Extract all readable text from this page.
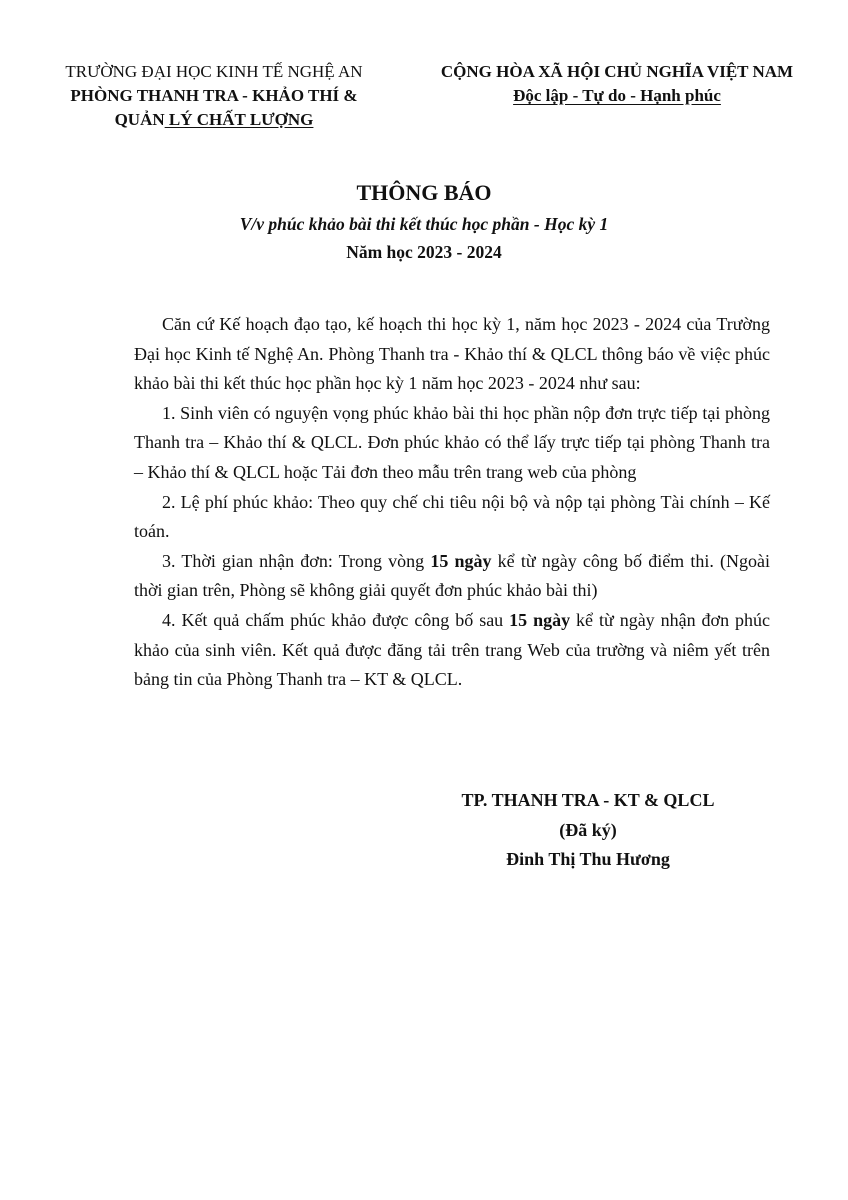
TRƯỜNG ĐẠI HỌC KINH TẾ NGHỆ AN
PHÒNG THANH TRA - KHẢO THÍ &
QUẢN LÝ CHẤT LƯỢNG
CỘNG HÒA XÃ HỘI CHỦ NGHĨA VIỆT NAM
Độc lập - Tự do - Hạnh phúc
THÔNG BÁO
V/v phúc khảo bài thi kết thúc học phần - Học kỳ 1
Năm học 2023 - 2024

Căn cứ Kế hoạch đạo tạo, kế hoạch thi học kỳ 1, năm học 2023 - 2024 của Trường Đại học Kinh tế Nghệ An. Phòng Thanh tra - Khảo thí & QLCL thông báo về việc phúc khảo bài thi kết thúc học phần học kỳ 1 năm học 2023 - 2024 như sau:

1. Sinh viên có nguyện vọng phúc khảo bài thi học phần nộp đơn trực tiếp tại phòng Thanh tra – Khảo thí & QLCL. Đơn phúc khảo có thể lấy trực tiếp tại phòng Thanh tra – Khảo thí & QLCL hoặc Tải đơn theo mẫu trên trang web của phòng

2. Lệ phí phúc khảo: Theo quy chế chi tiêu nội bộ và nộp tại phòng Tài chính – Kế toán.

3. Thời gian nhận đơn: Trong vòng 15 ngày kể từ ngày công bố điểm thi. (Ngoài thời gian trên, Phòng sẽ không giải quyết đơn phúc khảo bài thi)

4. Kết quả chấm phúc khảo được công bố sau 15 ngày kể từ ngày nhận đơn phúc khảo của sinh viên. Kết quả được đăng tải trên trang Web của trường và niêm yết trên bảng tin của Phòng Thanh tra – KT & QLCL.

TP. THANH TRA - KT & QLCL
(Đã ký)
Đinh Thị Thu Hương
